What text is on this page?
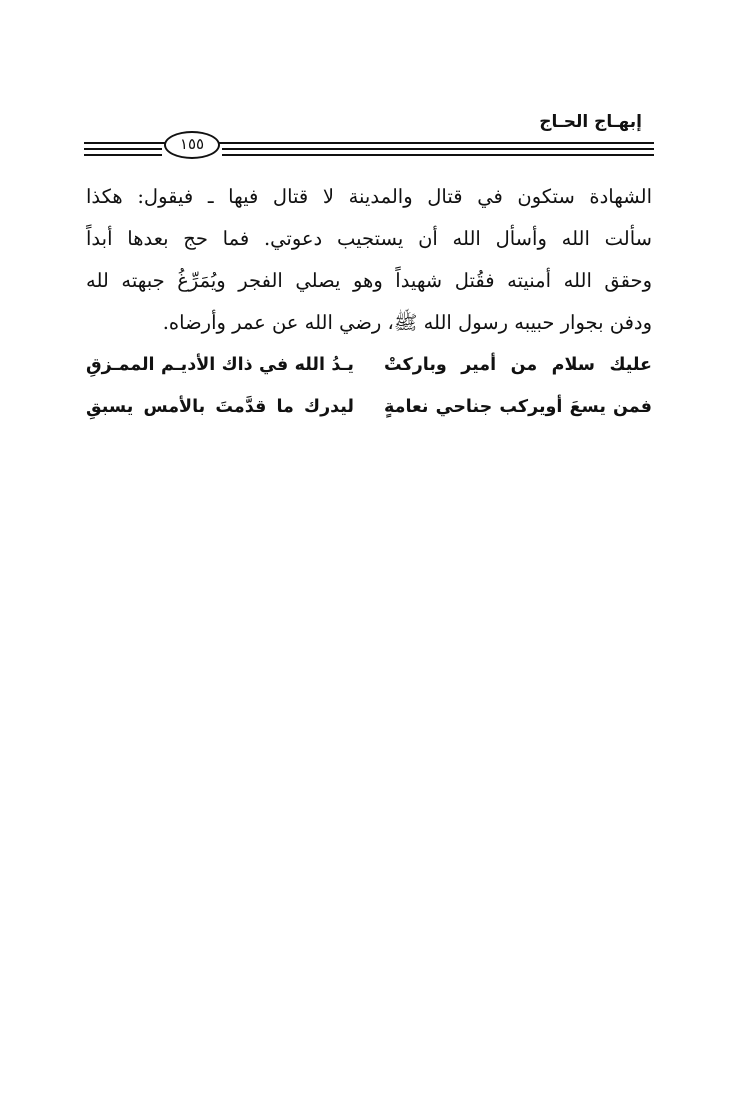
إبهـاج الحـاج
١٥٥
الشهادة ستكون في قتال والمدينة لا قتال فيها ـ فيقول: هكذا
سألت الله وأسأل الله أن يستجيب دعوتي. فما حج بعدها أبداً
وحقق الله أمنيته فقُتل شهيداً وهو يصلي الفجر ويُمَرِّغُ جبهته لله
ودفن بجوار حبيبه رسول الله ﷺ، رضي الله عن عمر وأرضاه.
عليك سلام من أمير وباركتْ
يـدُ الله في ذاك الأديـم الممـزقِ
فمن يسعَ أويركب جناحي نعامةٍ
ليدرك ما قدَّمتَ بالأمس يسبقِ
